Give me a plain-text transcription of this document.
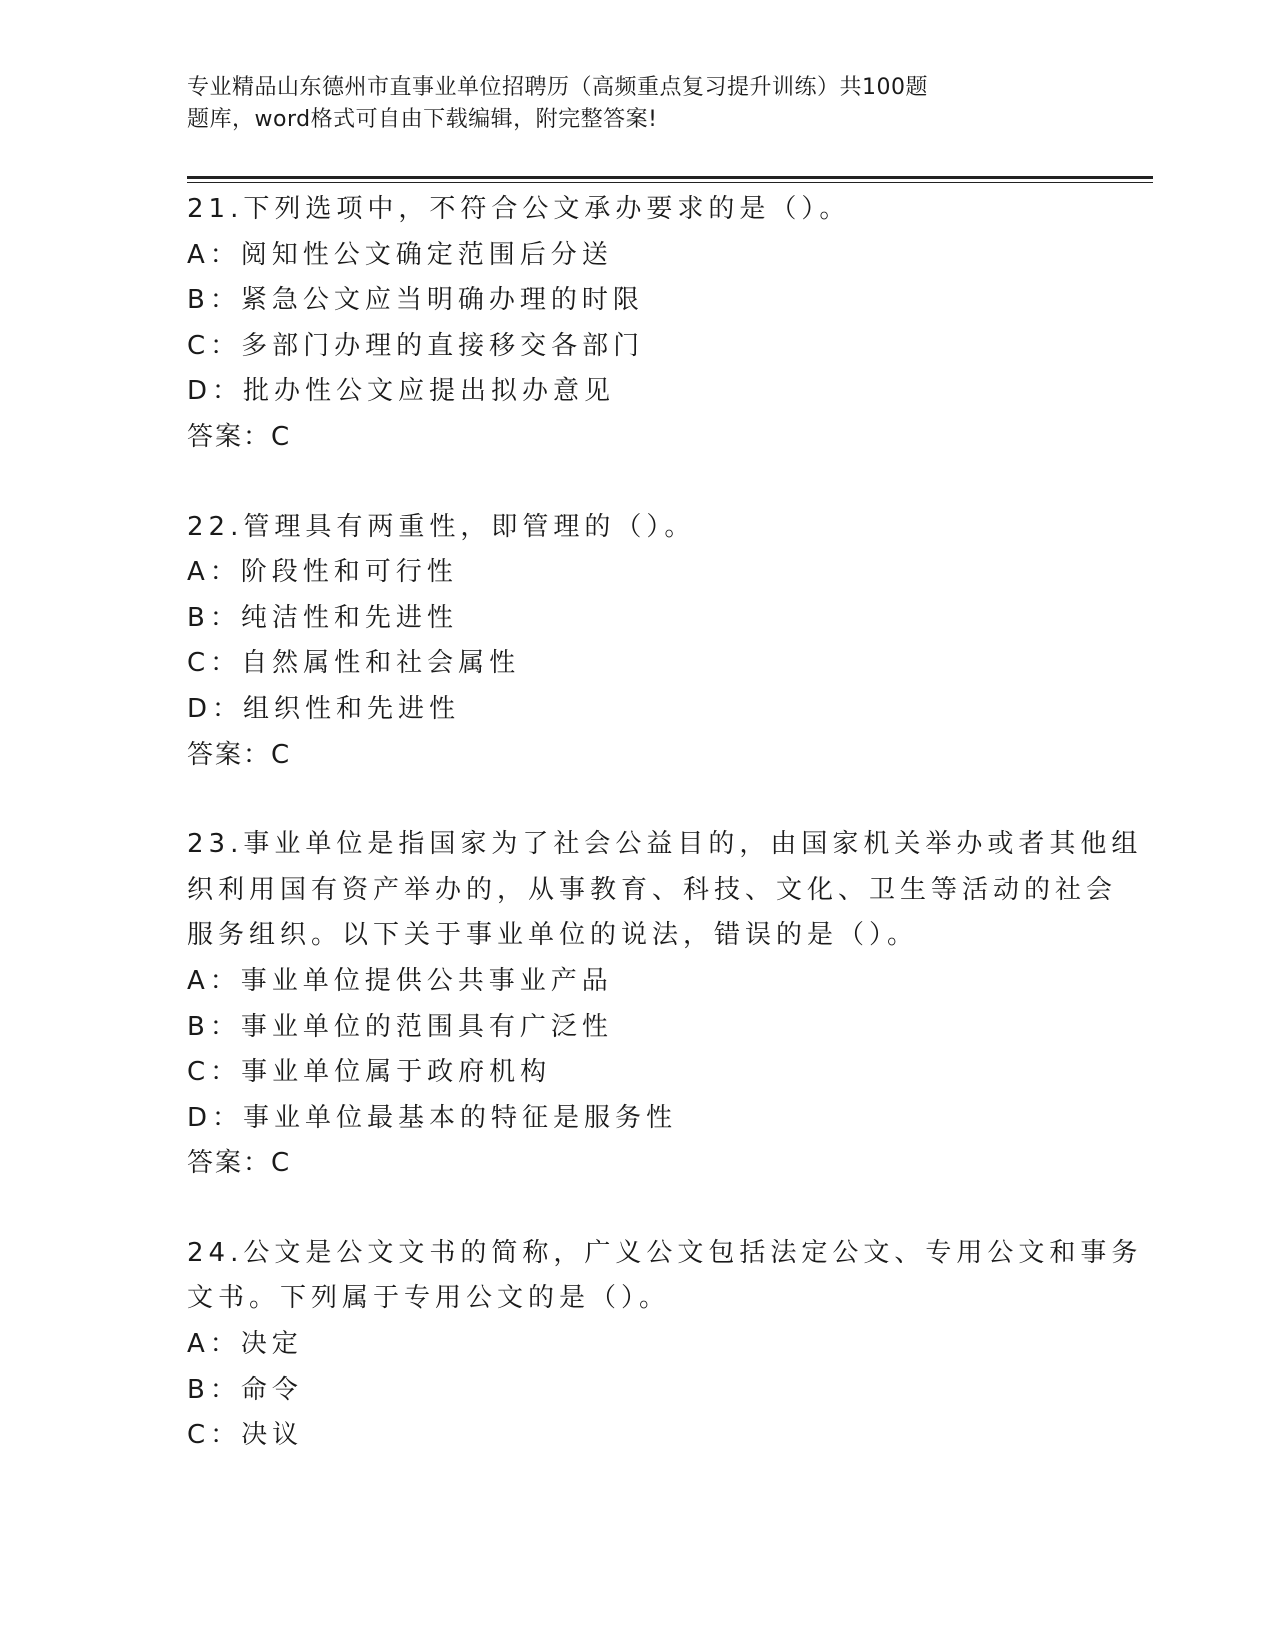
专业精品山东德州市直事业单位招聘历（高频重点复习提升训练）共100题
题库，word格式可自由下载编辑，附完整答案!
21.下列选项中，不符合公文承办要求的是（）。
A：阅知性公文确定范围后分送
B：紧急公文应当明确办理的时限
C：多部门办理的直接移交各部门
D：批办性公文应提出拟办意见
答案：C
22.管理具有两重性，即管理的（）。
A：阶段性和可行性
B：纯洁性和先进性
C：自然属性和社会属性
D：组织性和先进性
答案：C
23.事业单位是指国家为了社会公益目的，由国家机关举办或者其他组
织利用国有资产举办的，从事教育、科技、文化、卫生等活动的社会
服务组织。以下关于事业单位的说法，错误的是（）。
A：事业单位提供公共事业产品
B：事业单位的范围具有广泛性
C：事业单位属于政府机构
D：事业单位最基本的特征是服务性
答案：C
24.公文是公文文书的简称，广义公文包括法定公文、专用公文和事务
文书。下列属于专用公文的是（）。
A：决定
B：命令
C：决议
